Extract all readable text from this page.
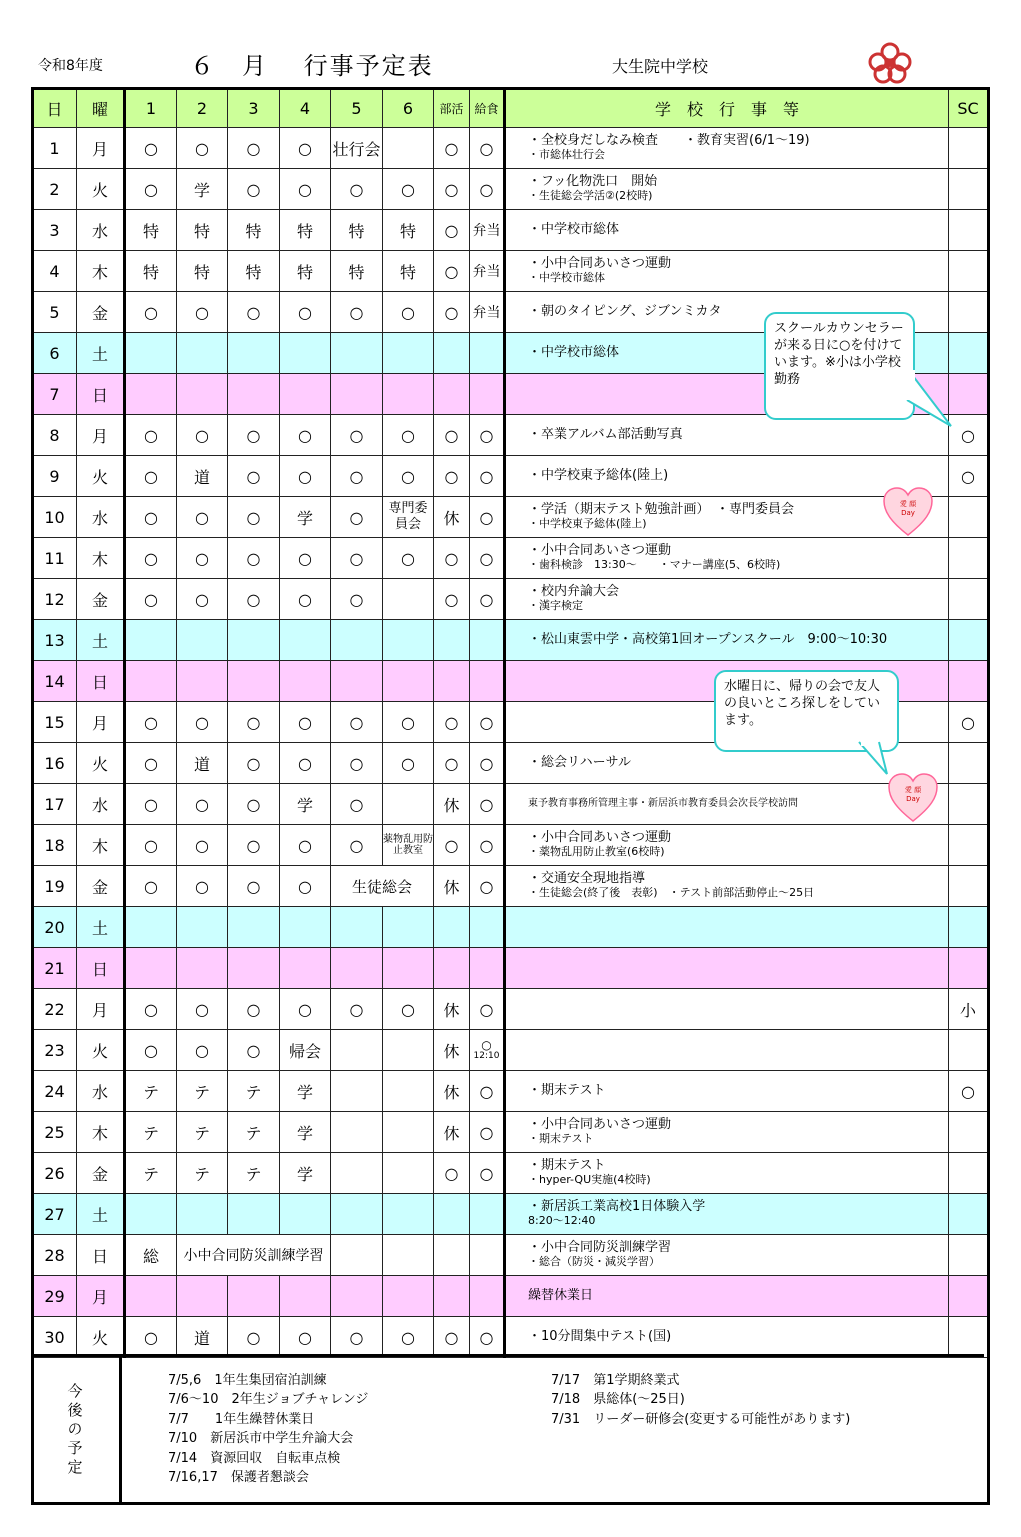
令和8年度	６　月　 行事予定表	大生院中学校
日	曜	1	2	3	4	5	6	部活	給食	学　校　行　事　等	SC
1	月	○	○	○	○	壮行会		○	○	・全校身だしなみ検査　　・教育実習(6/1～19)
・市総体壮行会	

2	火	○	学	○	○	○	○	○	○	・フッ化物洗口　開始
・生徒総会学活②(2校時)	

3	水	特	特	特	特	特	特	○	弁当	・中学校市総体	

4	木	特	特	特	特	特	特	○	弁当	・小中合同あいさつ運動
・中学校市総体	

5	金	○	○	○	○	○	○	○	弁当	・朝のタイピング、ジブンミカタ	

6	土									・中学校市総体	

7	日										
8	月	○	○	○	○	○	○	○	○	・卒業アルバム部活動写真	○
9	火	○	道	○	○	○	○	○	○	・中学校東予総体(陸上)	○
10	水	○	○	○	学	○	専門委員会	休	○	・学活（期末テスト勉強計画）　・専門委員会
・中学校東予総体(陸上)	

11	木	○	○	○	○	○	○	○	○	・小中合同あいさつ運動
・歯科検診　13:30～　　・マナー講座(5、6校時)	

12	金	○	○	○	○	○		○	○	・校内弁論大会
・漢字検定	

13	土									・松山東雲中学・高校第1回オープンスクール　9:00～10:30	

14	日										
15	月	○	○	○	○	○	○	○	○		○
16	火	○	道	○	○	○	○	○	○	・総会リハーサル	

17	水	○	○	○	学	○		休	○	東予教育事務所管理主事・新居浜市教育委員会次長学校訪問	

18	木	○	○	○	○	○	薬物乱用防止教室	○	○	・小中合同あいさつ運動
・薬物乱用防止教室(6校時)	

19	金	○	○	○	○	生徒総会		休	○	・交通安全現地指導
・生徒総会(終了後　表彰)　・テスト前部活動停止～25日	

20	土										
21	日										
22	月	○	○	○	○	○	○	休	○		小
23	火	○	○	○	帰会			休	○
12:10		

24	水	テ	テ	テ	学			休	○	・期末テスト	○
25	木	テ	テ	テ	学			休	○	・小中合同あいさつ運動
・期末テスト	

26	金	テ	テ	テ	学			○	○	・期末テスト
・hyper-QU実施(4校時)	

27	土									・新居浜工業高校1日体験入学
8:20～12:40	

28	日	総	小中合同防災訓練学習							・小中合同防災訓練学習
・総合（防災・減災学習）	

29	月									繰替休業日	

30	火	○	道	○	○	○	○	○	○	・10分間集中テスト(国)	

今後の予定
7/5,6　1年生集団宿泊訓練
7/6～10　2年生ジョブチャレンジ
7/7　　1年生繰替休業日
7/10　新居浜市中学生弁論大会
7/14　資源回収　自転車点検
7/16,17　保護者懇談会
7/17　第1学期終業式
7/18　県総体(～25日)
7/31　リーダー研修会(変更する可能性があります)
スクールカウンセラーが来る日に○を付けています。※小は小学校勤務
水曜日に、帰りの会で友人の良いところ探しをしています。
愛 顔
Day
愛 顔
Day
